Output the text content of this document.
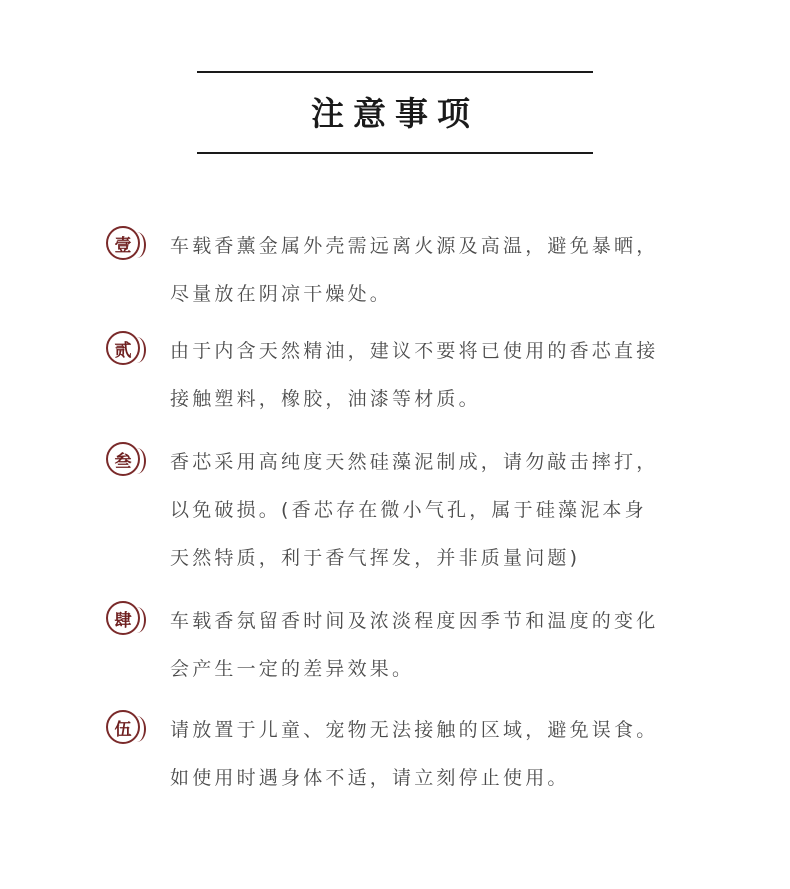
注意事项
壹	车载香薰金属外壳需远离火源及高温，避免暴晒，
尽量放在阴凉干燥处。
贰	由于内含天然精油，建议不要将已使用的香芯直接
接触塑料，橡胶，油漆等材质。
叁	香芯采用高纯度天然硅藻泥制成，请勿敲击摔打，
以免破损。(香芯存在微小气孔，属于硅藻泥本身
天然特质，利于香气挥发，并非质量问题)
肆	车载香氛留香时间及浓淡程度因季节和温度的变化
会产生一定的差异效果。
伍	请放置于儿童、宠物无法接触的区域，避免误食。
如使用时遇身体不适，请立刻停止使用。
